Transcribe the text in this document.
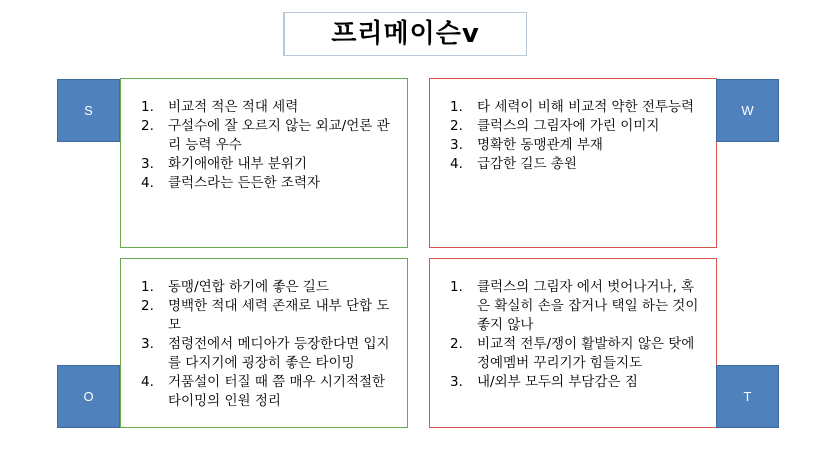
프리메이슨v
1.	비교적 적은 적대 세력
2.	구설수에 잘 오르지 않는 외교/언론 관리 능력 우수
3.	화기애애한 내부 분위기
4.	클럭스라는 든든한 조력자
1.	타 세력이 비해 비교적 약한 전투능력
2.	클럭스의 그림자에 가린 이미지
3.	명확한 동맹관계 부재
4.	급감한 길드 총원
1.	동맹/연합 하기에 좋은 길드
2.	명백한 적대 세력 존재로 내부 단합 도모
3.	점령전에서 메디아가 등장한다면 입지를 다지기에 굉장히 좋은 타이밍
4.	거품설이 터질 때 쯤 매우 시기적절한 타이밍의 인원 정리
1.	클럭스의 그림자 에서 벗어나거나, 혹은 확실히 손을 잡거나 택일 하는 것이 좋지 않나
2.	비교적 전투/쟁이 활발하지 않은 탓에 정예멤버 꾸리기가 힘들지도
3.	내/외부 모두의 부담감은 짐
S	W
O	T
